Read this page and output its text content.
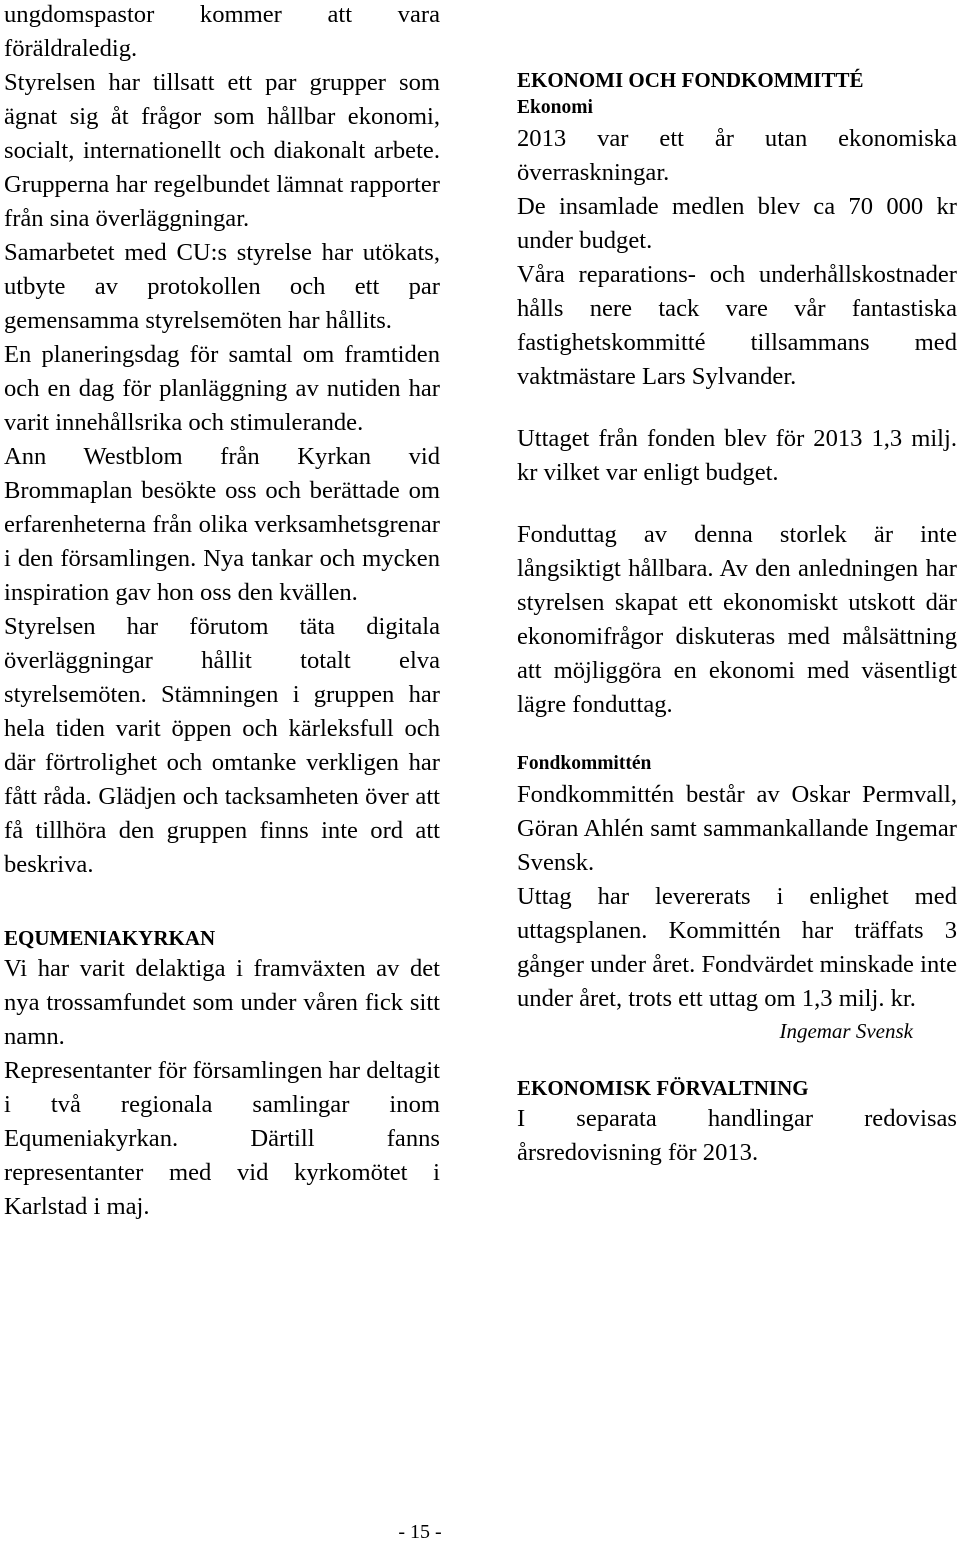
ungdomspastor kommer att vara föräldraledig.

Styrelsen har tillsatt ett par grupper som ägnat sig åt frågor som hållbar ekonomi, socialt, internationellt och diakonalt arbete. Grupperna har regelbundet lämnat rapporter från sina överläggningar.

Samarbetet med CU:s styrelse har utökats, utbyte av protokollen och ett par gemensamma styrelsemöten har hållits.

En planeringsdag för samtal om framtiden och en dag för planläggning av nutiden har varit innehållsrika och stimulerande.

Ann Westblom från Kyrkan vid Brommaplan besökte oss och berättade om erfarenheterna från olika verksamhetsgrenar i den församlingen. Nya tankar och mycken inspiration gav hon oss den kvällen.

Styrelsen har förutom täta digitala överläggningar hållit totalt elva styrelsemöten. Stämningen i gruppen har hela tiden varit öppen och kärleksfull och där förtrolighet och omtanke verkligen har fått råda. Glädjen och tacksamheten över att få tillhöra den gruppen finns inte ord att beskriva.

EQUMENIAKYRKAN

Vi har varit delaktiga i framväxten av det nya trossamfundet som under våren fick sitt namn.

Representanter för församlingen har deltagit i två regionala samlingar inom Equmeniakyrkan. Därtill fanns representanter med vid kyrkomötet i Karlstad i maj.

EKONOMI OCH FONDKOMMITTÉ
Ekonomi

2013 var ett år utan ekonomiska överraskningar.

De insamlade medlen blev ca 70 000 kr under budget.

Våra reparations- och underhållskostnader hålls nere tack vare vår fantastiska fastighetskommitté tillsammans med vaktmästare Lars Sylvander.

Uttaget från fonden blev för 2013 1,3 milj. kr vilket var enligt budget.

Fonduttag av denna storlek är inte långsiktigt hållbara. Av den anledningen har styrelsen skapat ett ekonomiskt utskott där ekonomifrågor diskuteras med målsättning att möjliggöra en ekonomi med väsentligt lägre fonduttag.

Fondkommittén

Fondkommittén består av Oskar Permvall, Göran Ahlén samt sammankallande Ingemar Svensk.

Uttag har levererats i enlighet med uttagsplanen. Kommittén har träffats 3 gånger under året. Fondvärdet minskade inte under året, trots ett uttag om 1,3 milj. kr.

Ingemar Svensk
EKONOMISK FÖRVALTNING

I separata handlingar redovisas årsredovisning för 2013.

- 15 -
